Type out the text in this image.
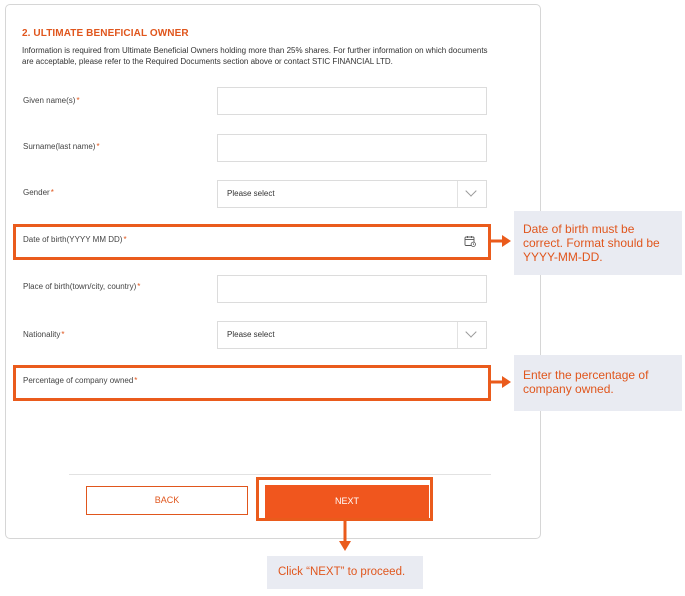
2. ULTIMATE BENEFICIAL OWNER
Information is required from Ultimate Beneficial Owners holding more than 25% shares. For further information on which documents are acceptable, please refer to the Required Documents section above or contact STIC FINANCIAL LTD.
Given name(s)*
Surname(last name)*
Gender*	Please select
Date of birth(YYYY MM DD)*
Place of birth(town/city, country)*
Nationality*	Please select
Percentage of company owned*
BACK	NEXT
Date of birth must be correct. Format should be YYYY-MM-DD.
Enter the percentage of company owned.
Click “NEXT” to proceed.
